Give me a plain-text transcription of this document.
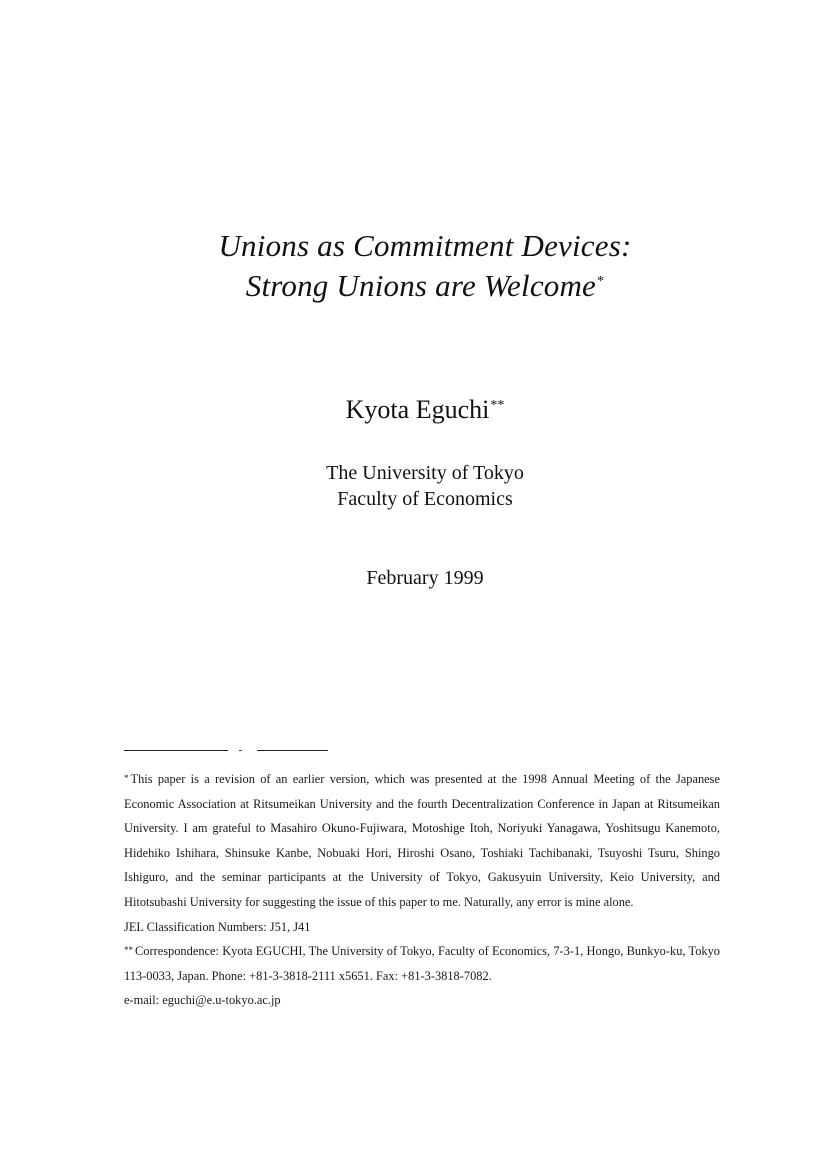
Unions as Commitment Devices:
Strong Unions are Welcome*
Kyota Eguchi**
The University of Tokyo
Faculty of Economics
February 1999

* This paper is a revision of an earlier version, which was presented at the 1998 Annual Meeting of the Japanese Economic Association at Ritsumeikan University and the fourth Decentralization Conference in Japan at Ritsumeikan University. I am grateful to Masahiro Okuno-Fujiwara, Motoshige Itoh, Noriyuki Yanagawa, Yoshitsugu Kanemoto, Hidehiko Ishihara, Shinsuke Kanbe, Nobuaki Hori, Hiroshi Osano, Toshiaki Tachibanaki, Tsuyoshi Tsuru, Shingo Ishiguro, and the seminar participants at the University of Tokyo, Gakusyuin University, Keio University, and Hitotsubashi University for suggesting the issue of this paper to me. Naturally, any error is mine alone.

JEL Classification Numbers: J51, J41

** Correspondence: Kyota EGUCHI, The University of Tokyo, Faculty of Economics, 7-3-1, Hongo, Bunkyo-ku, Tokyo 113-0033, Japan. Phone: +81-3-3818-2111 x5651. Fax: +81-3-3818-7082.

e-mail: eguchi@e.u-tokyo.ac.jp
